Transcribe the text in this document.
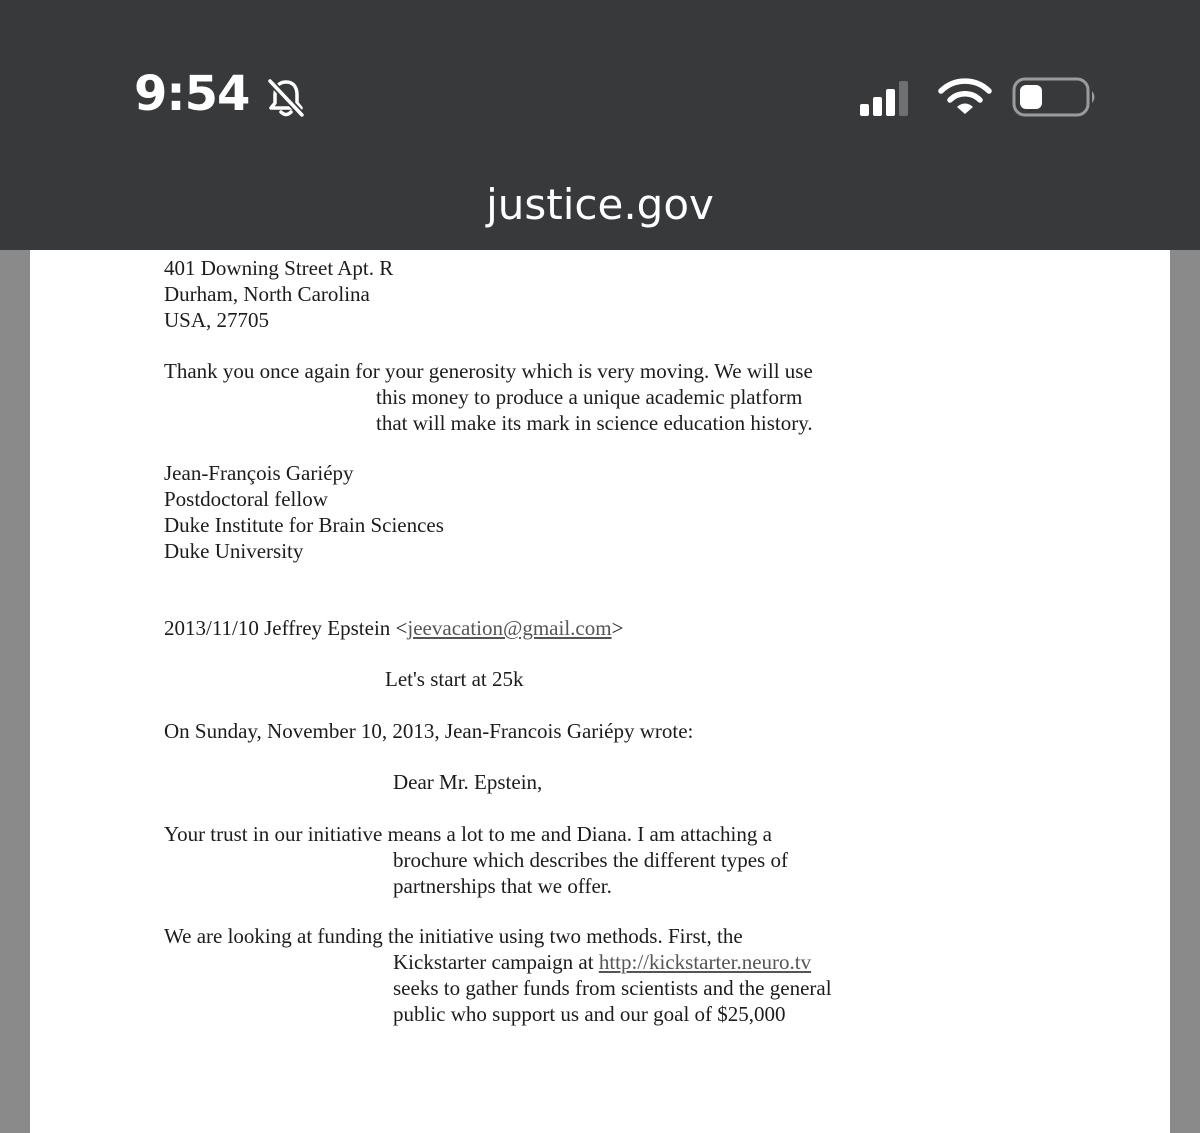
9:54
justice.gov
401 Downing Street Apt. R
Durham, North Carolina
USA, 27705
Thank you once again for your generosity which is very moving. We will use
this money to produce a unique academic platform
that will make its mark in science education history.
Jean-François Gariépy
Postdoctoral fellow
Duke Institute for Brain Sciences
Duke University
2013/11/10 Jeffrey Epstein <jeevacation@gmail.com>
Let's start at 25k
On Sunday, November 10, 2013, Jean-Francois Gariépy wrote:
Dear Mr. Epstein,
Your trust in our initiative means a lot to me and Diana. I am attaching a
brochure which describes the different types of
partnerships that we offer.
We are looking at funding the initiative using two methods. First, the
Kickstarter campaign at http://kickstarter.neuro.tv
seeks to gather funds from scientists and the general
public who support us and our goal of $25,000
